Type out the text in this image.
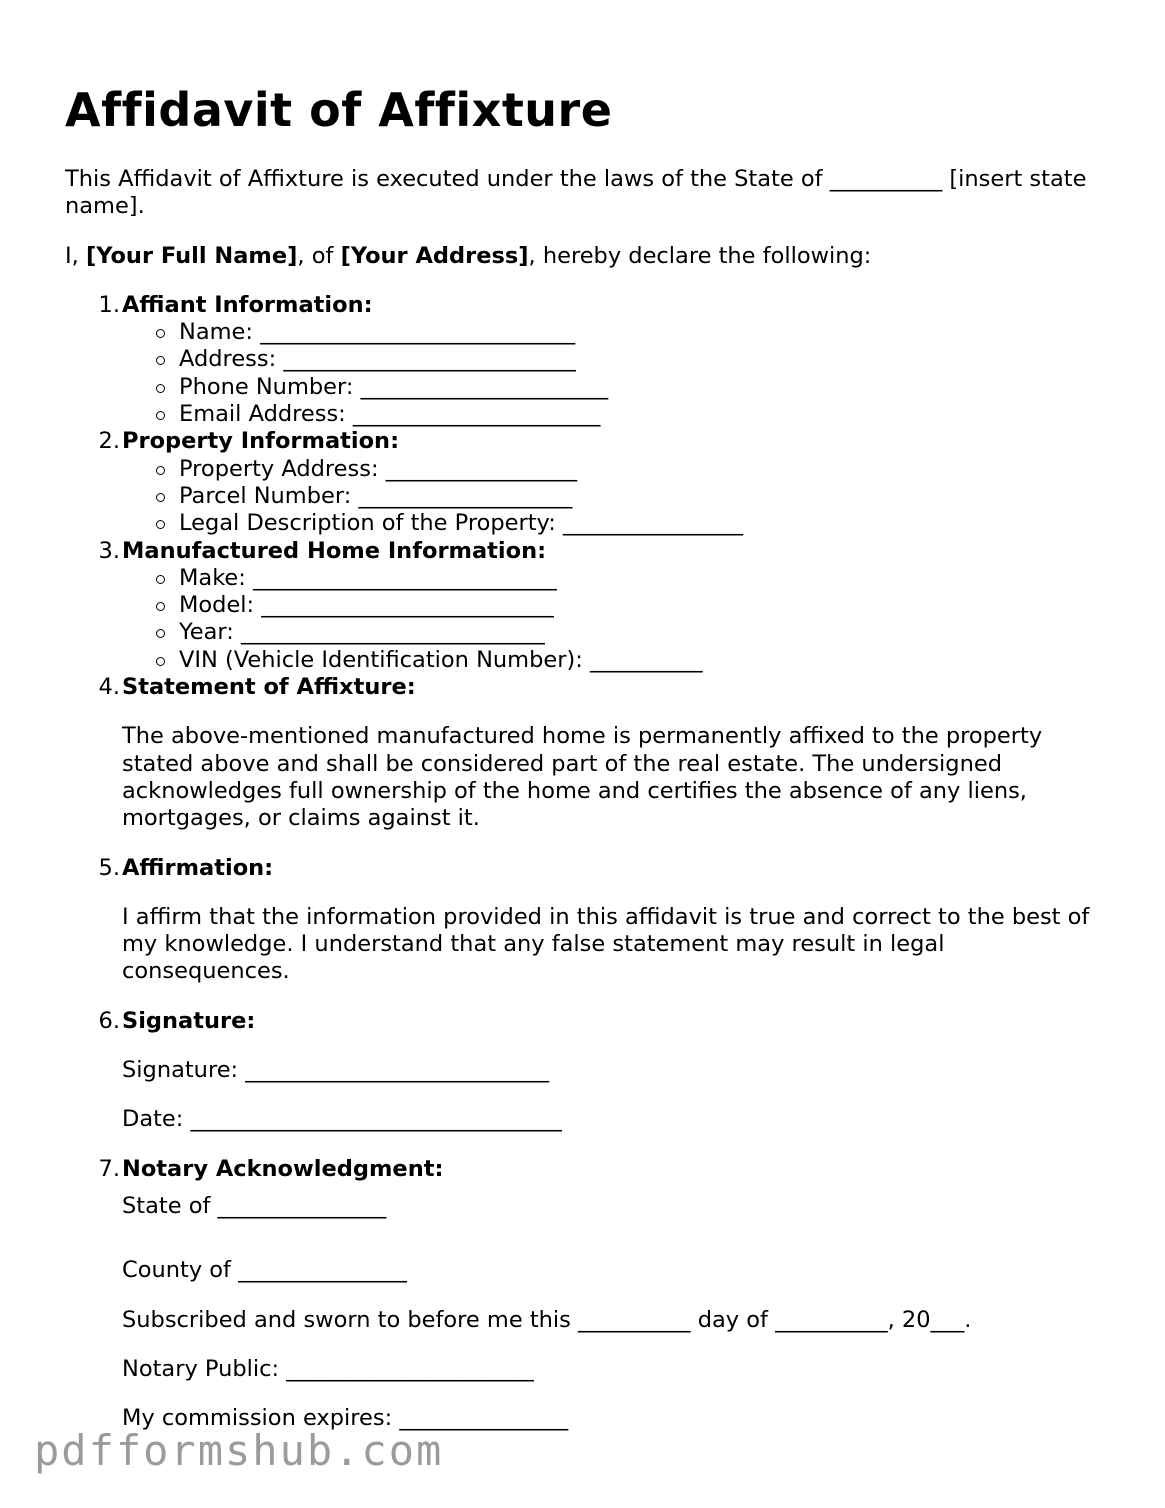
Affidavit of Affixture

This Affidavit of Affixture is executed under the laws of the State of __________ [insert state name].

I, [Your Full Name], of [Your Address], hereby declare the following:

1. Affiant Information:
Name: ____________________________
Address: __________________________
Phone Number: ______________________
Email Address: ______________________
2. Property Information:
Property Address: _________________
Parcel Number: ___________________
Legal Description of the Property: ________________
3. Manufactured Home Information:
Make: ___________________________
Model: __________________________
Year: ___________________________
VIN (Vehicle Identification Number): __________
4. Statement of Affixture:

The above-mentioned manufactured home is permanently affixed to the property stated above and shall be considered part of the real estate. The undersigned acknowledges full ownership of the home and certifies the absence of any liens, mortgages, or claims against it.

5. Affirmation:

I affirm that the information provided in this affidavit is true and correct to the best of my knowledge. I understand that any false statement may result in legal consequences.

6. Signature:

Signature: ___________________________

Date: _________________________________

7. Notary Acknowledgment:

State of _______________

County of _______________

Subscribed and sworn to before me this __________ day of __________, 20___.

Notary Public: ______________________

My commission expires: _______________

pdfformshub.com
